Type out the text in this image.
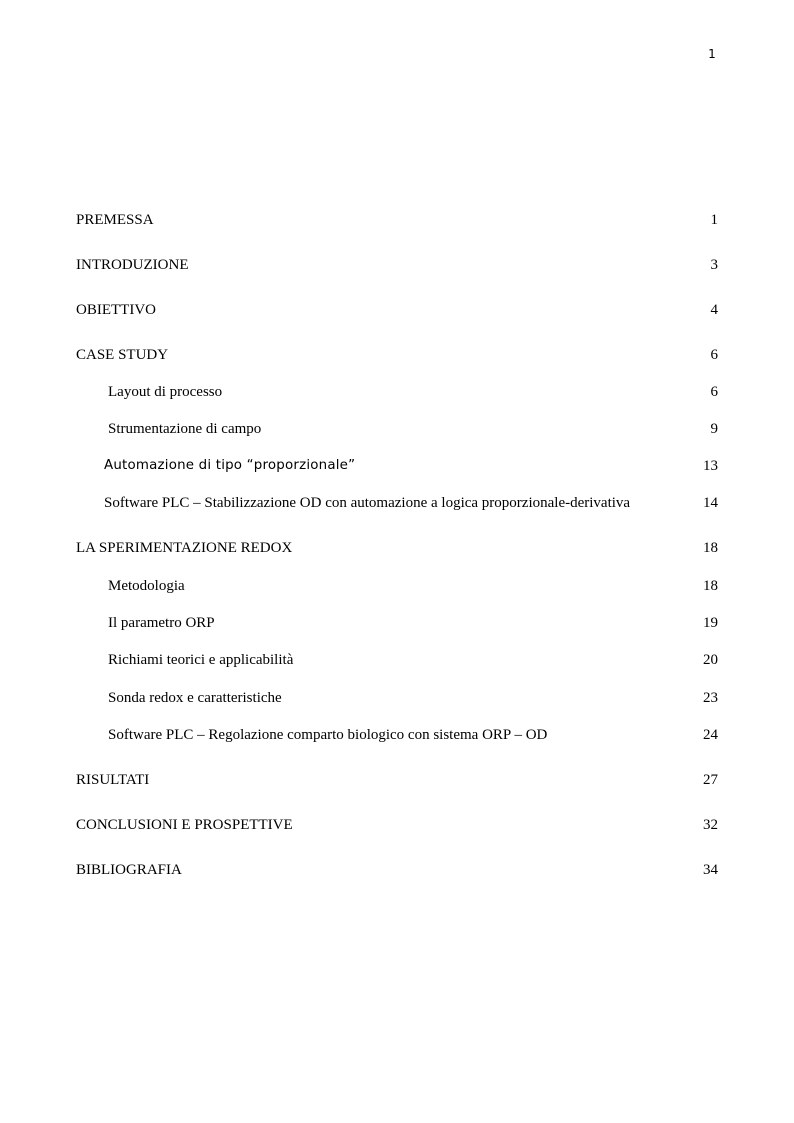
1
PREMESSA	1
INTRODUZIONE	3
OBIETTIVO	4
CASE STUDY	6
Layout di processo	6
Strumentazione di campo	9
Automazione di tipo “proporzionale”	13
Software PLC – Stabilizzazione OD con automazione a logica proporzionale-derivativa	14
LA SPERIMENTAZIONE REDOX	18
Metodologia	18
Il parametro ORP	19
Richiami teorici e applicabilità	20
Sonda redox e caratteristiche	23
Software PLC – Regolazione comparto biologico con sistema ORP – OD	24
RISULTATI	27
CONCLUSIONI E PROSPETTIVE	32
BIBLIOGRAFIA	34
